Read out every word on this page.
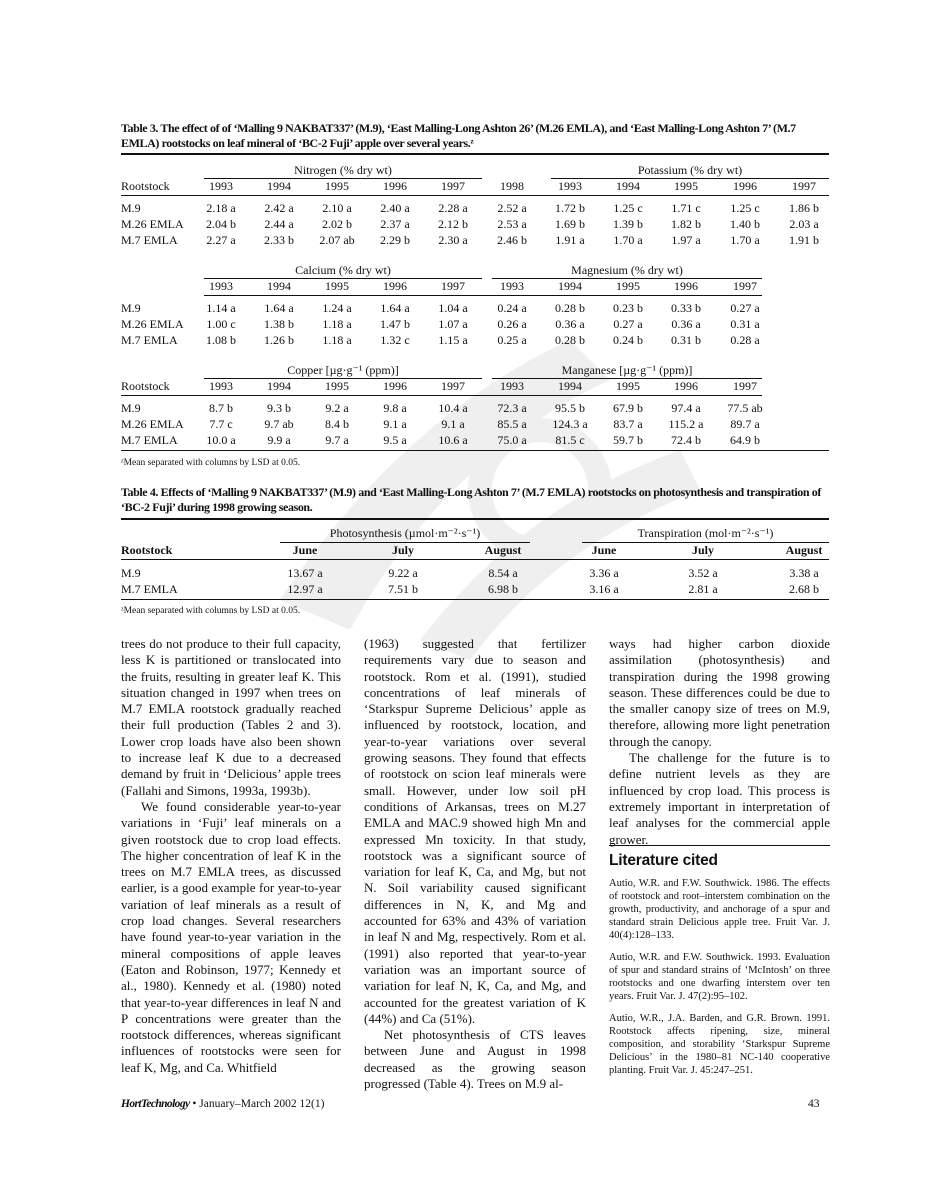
Table 3. The effect of of ‘Malling 9 NAKBAT337’ (M.9), ‘East Malling-Long Ashton 26’ (M.26 EMLA), and ‘East Malling-Long Ashton 7’ (M.7 EMLA) rootstocks on leaf mineral of ‘BC-2 Fuji’ apple over several years.ᶻ
Nitrogen (% dry wt)	Potassium (% dry wt)
Rootstock	1993	1994	1995	1996	1997	1998	1993	1994	1995	1996	1997
M.9	2.18 a	2.42 a	2.10 a	2.40 a	2.28 a	2.52 a	1.72 b	1.25 c	1.71 c	1.25 c	1.86 b
M.26 EMLA	2.04 b	2.44 a	2.02 b	2.37 a	2.12 b	2.53 a	1.69 b	1.39 b	1.82 b	1.40 b	2.03 a
M.7 EMLA	2.27 a	2.33 b	2.07 ab	2.29 b	2.30 a	2.46 b	1.91 a	1.70 a	1.97 a	1.70 a	1.91 b
Calcium (% dry wt)	Magnesium (% dry wt)
1993	1994	1995	1996	1997	1993	1994	1995	1996	1997
M.9	1.14 a	1.64 a	1.24 a	1.64 a	1.04 a	0.24 a	0.28 b	0.23 b	0.33 b	0.27 a
M.26 EMLA	1.00 c	1.38 b	1.18 a	1.47 b	1.07 a	0.26 a	0.36 a	0.27 a	0.36 a	0.31 a
M.7 EMLA	1.08 b	1.26 b	1.18 a	1.32 c	1.15 a	0.25 a	0.28 b	0.24 b	0.31 b	0.28 a
Copper [µg·g⁻¹ (ppm)]	Manganese [µg·g⁻¹ (ppm)]
Rootstock	1993	1994	1995	1996	1997	1993	1994	1995	1996	1997
M.9	8.7 b	9.3 b	9.2 a	9.8 a	10.4 a	72.3 a	95.5 b	67.9 b	97.4 a	77.5 ab
M.26 EMLA	7.7 c	9.7 ab	8.4 b	9.1 a	9.1 a	85.5 a	124.3 a	83.7 a	115.2 a	89.7 a
M.7 EMLA	10.0 a	9.9 a	9.7 a	9.5 a	10.6 a	75.0 a	81.5 c	59.7 b	72.4 b	64.9 b
ᶻMean separated with columns by LSD at 0.05.
Table 4. Effects of ‘Malling 9 NAKBAT337’ (M.9) and ‘East Malling-Long Ashton 7’ (M.7 EMLA) rootstocks on photosynthesis and transpiration of ‘BC-2 Fuji’ during 1998 growing season.
Photosynthesis (µmol·m⁻²·s⁻¹)	Transpiration (mol·m⁻²·s⁻¹)
Rootstock	June	July	August	June	July	August
M.9	13.67 a	9.22 a	8.54 a	3.36 a	3.52 a	3.38 a
M.7 EMLA	12.97 a	7.51 b	6.98 b	3.16 a	2.81 a	2.68 b
ᶻMean separated with columns by LSD at 0.05.

trees do not produce to their full capacity, less K is partitioned or translocated into the fruits, resulting in greater leaf K. This situation changed in 1997 when trees on M.7 EMLA rootstock gradually reached their full production (Tables 2 and 3). Lower crop loads have also been shown to increase leaf K due to a decreased demand by fruit in ‘Delicious’ apple trees (Fallahi and Simons, 1993a, 1993b).

We found considerable year-to-year variations in ‘Fuji’ leaf minerals on a given rootstock due to crop load effects. The higher concentration of leaf K in the trees on M.7 EMLA trees, as discussed earlier, is a good example for year-to-year variation of leaf minerals as a result of crop load changes. Several researchers have found year-to-year variation in the mineral compositions of apple leaves (Eaton and Robinson, 1977; Kennedy et al., 1980). Kennedy et al. (1980) noted that year-to-year differences in leaf N and P concentrations were greater than the rootstock differences, whereas significant influences of rootstocks were seen for leaf K, Mg, and Ca. Whitfield

(1963) suggested that fertilizer requirements vary due to season and rootstock. Rom et al. (1991), studied concentrations of leaf minerals of ‘Starkspur Supreme Delicious’ apple as influenced by rootstock, location, and year-to-year variations over several growing seasons. They found that effects of rootstock on scion leaf minerals were small. However, under low soil pH conditions of Arkansas, trees on M.27 EMLA and MAC.9 showed high Mn and expressed Mn toxicity. In that study, rootstock was a significant source of variation for leaf K, Ca, and Mg, but not N. Soil variability caused significant differences in N, K, and Mg and accounted for 63% and 43% of variation in leaf N and Mg, respectively. Rom et al. (1991) also reported that year-to-year variation was an important source of variation for leaf N, K, Ca, and Mg, and accounted for the greatest variation of K (44%) and Ca (51%).

Net photosynthesis of CTS leaves between June and August in 1998 decreased as the growing season progressed (Table 4). Trees on M.9 al-

ways had higher carbon dioxide assimilation (photosynthesis) and transpiration during the 1998 growing season. These differences could be due to the smaller canopy size of trees on M.9, therefore, allowing more light penetration through the canopy.

The challenge for the future is to define nutrient levels as they are influenced by crop load. This process is extremely important in interpretation of leaf analyses for the commercial apple grower.

Literature cited
Autio, W.R. and F.W. Southwick. 1986. The effects of rootstock and root–interstem combination on the growth, productivity, and anchorage of a spur and standard strain Delicious apple tree. Fruit Var. J. 40(4):128–133.
Autio, W.R. and F.W. Southwick. 1993. Evaluation of spur and standard strains of ‘McIntosh’ on three rootstocks and one dwarfing interstem over ten years. Fruit Var. J. 47(2):95–102.
Autio, W.R., J.A. Barden, and G.R. Brown. 1991. Rootstock affects ripening, size, mineral composition, and storability ‘Starkspur Supreme Delicious’ in the 1980–81 NC-140 cooperative planting. Fruit Var. J. 45:247–251.
HortTechnology • January–March 2002 12(1)	43
